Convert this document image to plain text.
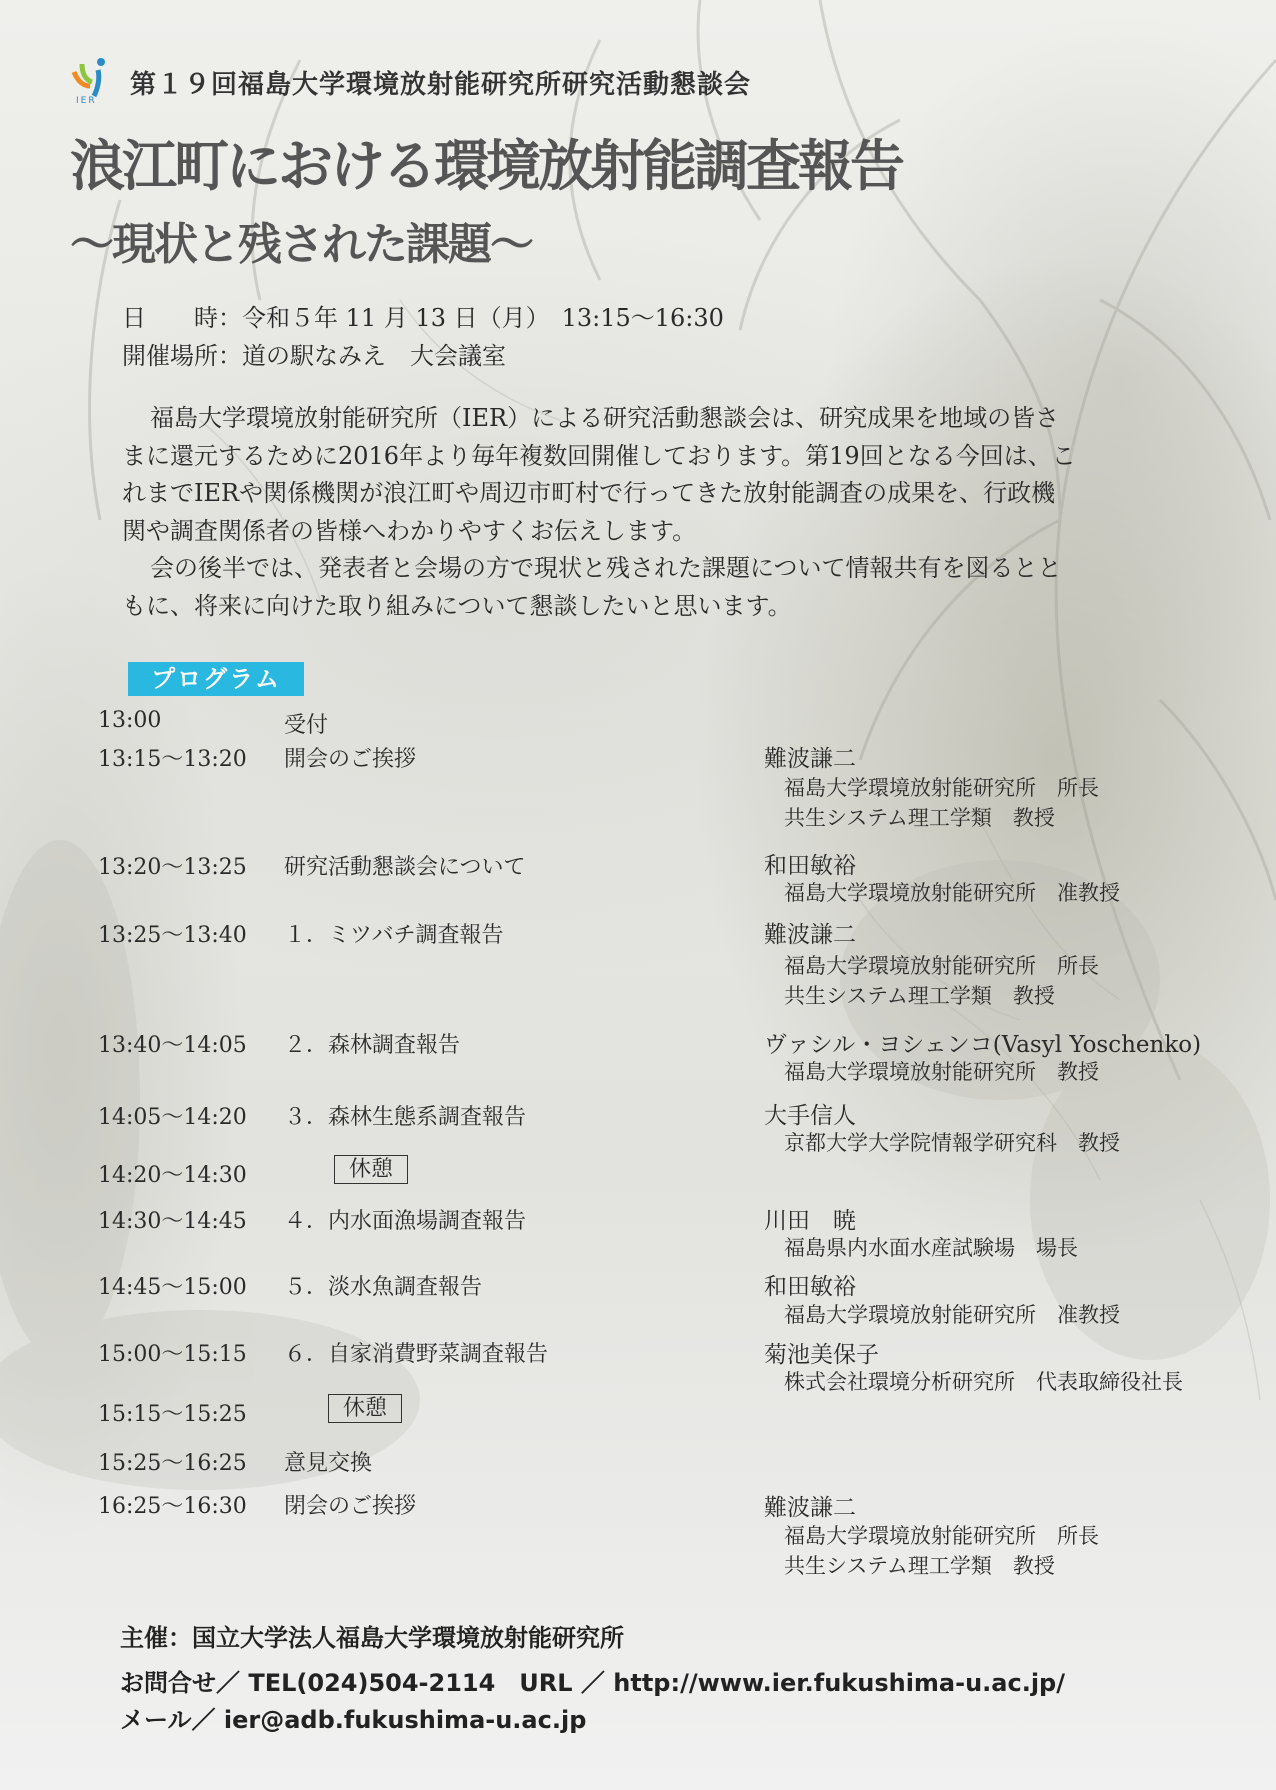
IER
第１９回福島大学環境放射能研究所研究活動懇談会
浪江町における環境放射能調査報告
～現状と残された課題～
日　　時：令和５年 11 月 13 日（月）　13:15～16:30
開催場所：道の駅なみえ　大会議室

福島大学環境放射能研究所（IER）による研究活動懇談会は、研究成果を地域の皆さ

まに還元するために2016年より毎年複数回開催しております。第19回となる今回は、こ

れまでIERや関係機関が浪江町や周辺市町村で行ってきた放射能調査の成果を、行政機

関や調査関係者の皆様へわかりやすくお伝えします。

会の後半では、発表者と会場の方で現状と残された課題について情報共有を図るとと

もに、将来に向けた取り組みについて懇談したいと思います。

プログラム
13:00	受付
13:15～13:20 開会のご挨拶	難波謙二
福島大学環境放射能研究所　所長
共生システム理工学類　教授
13:20～13:25 研究活動懇談会について	和田敏裕
福島大学環境放射能研究所　准教授
13:25～13:40 １．ミツバチ調査報告	難波謙二
福島大学環境放射能研究所　所長
共生システム理工学類　教授
13:40～14:05 ２．森林調査報告	ヴァシル・ヨシェンコ(Vasyl Yoschenko)
福島大学環境放射能研究所　教授
14:05～14:20 ３．森林生態系調査報告	大手信人
京都大学大学院情報学研究科　教授
14:20～14:30	休憩
14:30～14:45 ４．内水面漁場調査報告	川田　暁
福島県内水面水産試験場　場長
14:45～15:00 ５．淡水魚調査報告	和田敏裕
福島大学環境放射能研究所　准教授
15:00～15:15 ６．自家消費野菜調査報告	菊池美保子
株式会社環境分析研究所　代表取締役社長
15:15～15:25	休憩
15:25～16:25 意見交換
16:25～16:30 閉会のご挨拶	難波謙二
福島大学環境放射能研究所　所長
共生システム理工学類　教授
主催：国立大学法人福島大学環境放射能研究所
お問合せ／ TEL(024)504-2114　URL ／ http://www.ier.fukushima-u.ac.jp/
メール／ ier@adb.fukushima-u.ac.jp
